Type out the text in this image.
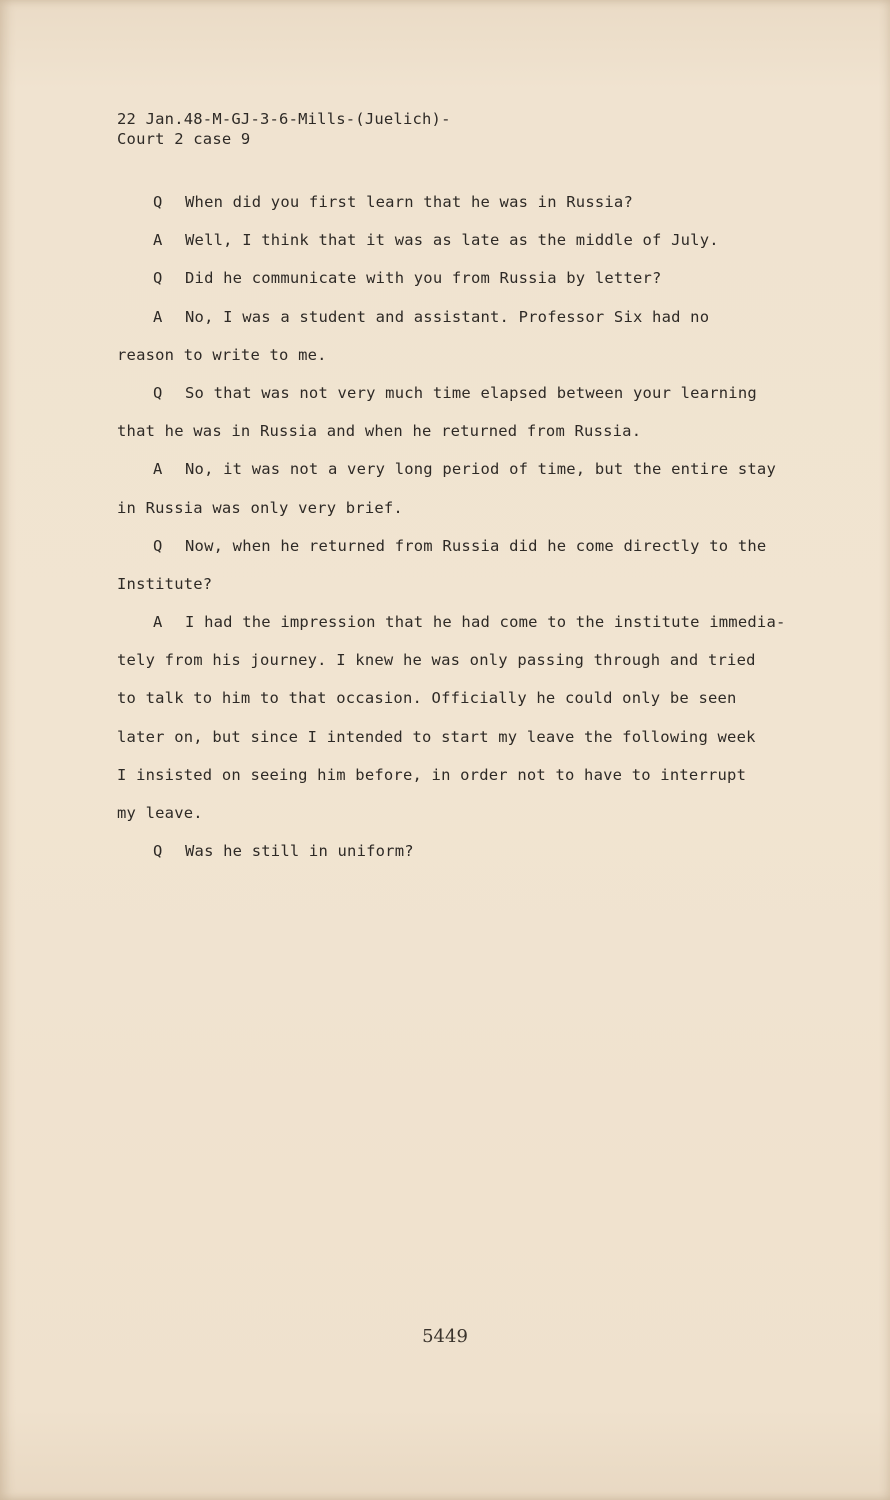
22 Jan.48-M-GJ-3-6-Mills-(Juelich)-
Court 2 case 9
Q When did you first learn that he was in Russia?
A Well, I think that it was as late as the middle of July.
Q Did he communicate with you from Russia by letter?
A No, I was a student and assistant. Professor Six had no
reason to write to me.
Q So that was not very much time elapsed between your learning
that he was in Russia and when he returned from Russia.
A No, it was not a very long period of time, but the entire stay
in Russia was only very brief.
Q Now, when he returned from Russia did he come directly to the
Institute?
A I had the impression that he had come to the institute immedia-
tely from his journey. I knew he was only passing through and tried
to talk to him to that occasion. Officially he could only be seen
later on, but since I intended to start my leave the following week
I insisted on seeing him before, in order not to have to interrupt
my leave.
Q Was he still in uniform?
5449
